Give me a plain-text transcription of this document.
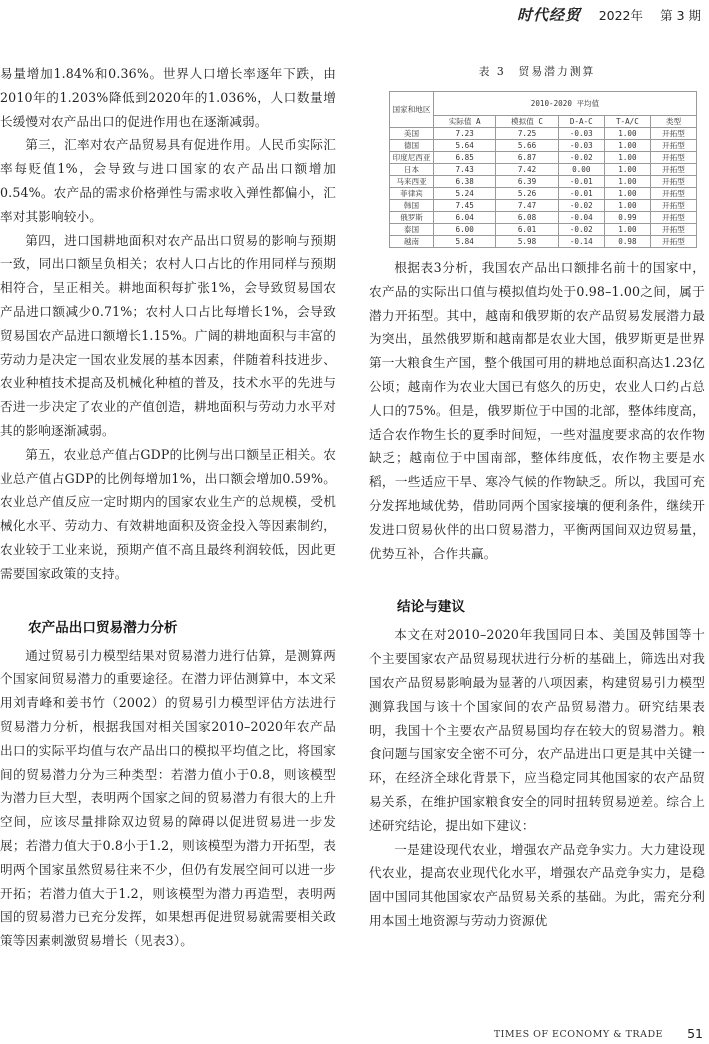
时代经贸 2022年 第 3 期

易量增加1.84%和0.36%。世界人口增长率逐年下跌，由2010年的1.203%降低到2020年的1.036%，人口数量增长缓慢对农产品出口的促进作用也在逐渐减弱。

第三，汇率对农产品贸易具有促进作用。人民币实际汇率每贬值1%，会导致与进口国家的农产品出口额增加0.54%。农产品的需求价格弹性与需求收入弹性都偏小，汇率对其影响较小。

第四，进口国耕地面积对农产品出口贸易的影响与预期一致，同出口额呈负相关；农村人口占比的作用同样与预期相符合，呈正相关。耕地面积每扩张1%，会导致贸易国农产品进口额减少0.71%；农村人口占比每增长1%，会导致贸易国农产品进口额增长1.15%。广阔的耕地面积与丰富的劳动力是决定一国农业发展的基本因素，伴随着科技进步、农业种植技术提高及机械化种植的普及，技术水平的先进与否进一步决定了农业的产值创造，耕地面积与劳动力水平对其的影响逐渐减弱。

第五，农业总产值占GDP的比例与出口额呈正相关。农业总产值占GDP的比例每增加1%，出口额会增加0.59%。农业总产值反应一定时期内的国家农业生产的总规模，受机械化水平、劳动力、有效耕地面积及资金投入等因素制约，农业较于工业来说，预期产值不高且最终利润较低，因此更需要国家政策的支持。

农产品出口贸易潜力分析

通过贸易引力模型结果对贸易潜力进行估算，是测算两个国家间贸易潜力的重要途径。在潜力评估测算中，本文采用刘青峰和姜书竹（2002）的贸易引力模型评估方法进行贸易潜力分析，根据我国对相关国家2010–2020年农产品出口的实际平均值与农产品出口的模拟平均值之比，将国家间的贸易潜力分为三种类型：若潜力值小于0.8，则该模型为潜力巨大型，表明两个国家之间的贸易潜力有很大的上升空间，应该尽量排除双边贸易的障碍以促进贸易进一步发展；若潜力值大于0.8小于1.2，则该模型为潜力开拓型，表明两个国家虽然贸易往来不少，但仍有发展空间可以进一步开拓；若潜力值大于1.2，则该模型为潜力再造型，表明两国的贸易潜力已充分发挥，如果想再促进贸易就需要相关政策等因素刺激贸易增长（见表3）。

表 3　贸易潜力测算
国家和地区	2010-2020 平均值				
	实际值 A	模拟值 C	D-A-C	T-A/C	类型
美国	7.23	7.25	-0.03	1.00	开拓型
德国	5.64	5.66	-0.03	1.00	开拓型
印度尼西亚	6.85	6.87	-0.02	1.00	开拓型
日本	7.43	7.42	0.00	1.00	开拓型
马来西亚	6.38	6.39	-0.01	1.00	开拓型
菲律宾	5.24	5.26	-0.01	1.00	开拓型
韩国	7.45	7.47	-0.02	1.00	开拓型
俄罗斯	6.04	6.08	-0.04	0.99	开拓型
泰国	6.00	6.01	-0.02	1.00	开拓型
越南	5.84	5.98	-0.14	0.98	开拓型

根据表3分析，我国农产品出口额排名前十的国家中，农产品的实际出口值与模拟值均处于0.98–1.00之间，属于潜力开拓型。其中，越南和俄罗斯的农产品贸易发展潜力最为突出，虽然俄罗斯和越南都是农业大国，俄罗斯更是世界第一大粮食生产国，整个俄国可用的耕地总面积高达1.23亿公顷；越南作为农业大国已有悠久的历史，农业人口约占总人口的75%。但是，俄罗斯位于中国的北部，整体纬度高，适合农作物生长的夏季时间短，一些对温度要求高的农作物缺乏；越南位于中国南部，整体纬度低，农作物主要是水稻，一些适应干旱、寒冷气候的作物缺乏。所以，我国可充分发挥地域优势，借助同两个国家接壤的便利条件，继续开发进口贸易伙伴的出口贸易潜力，平衡两国间双边贸易量，优势互补，合作共赢。

结论与建议

本文在对2010–2020年我国同日本、美国及韩国等十个主要国家农产品贸易现状进行分析的基础上，筛选出对我国农产品贸易影响最为显著的八项因素，构建贸易引力模型测算我国与该十个国家间的农产品贸易潜力。研究结果表明，我国十个主要农产品贸易国均存在较大的贸易潜力。粮食问题与国家安全密不可分，农产品进出口更是其中关键一环，在经济全球化背景下，应当稳定同其他国家的农产品贸易关系，在维护国家粮食安全的同时扭转贸易逆差。综合上述研究结论，提出如下建议：

一是建设现代农业，增强农产品竞争实力。大力建设现代农业，提高农业现代化水平，增强农产品竞争实力，是稳固中国同其他国家农产品贸易关系的基础。为此，需充分利用本国土地资源与劳动力资源优

TIMES OF ECONOMY & TRADE 51
